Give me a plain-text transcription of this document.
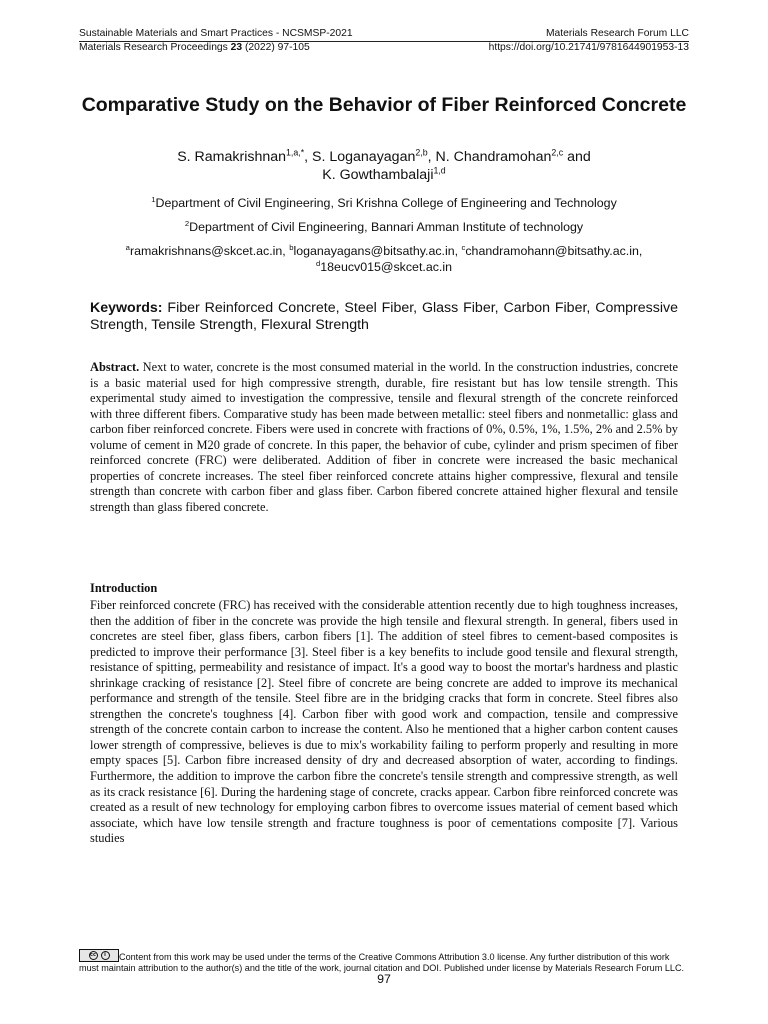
Sustainable Materials and Smart Practices - NCSMSP-2021	Materials Research Forum LLC
Materials Research Proceedings 23 (2022) 97-105	https://doi.org/10.21741/9781644901953-13
Comparative Study on the Behavior of Fiber Reinforced Concrete
S. Ramakrishnan$^{1,a,*}$, S. Loganayagan$^{2,b}$, N. Chandramohan$^{2,c}$ and
K. Gowthambalaji$^{1,d}$
$^1$Department of Civil Engineering, Sri Krishna College of Engineering and Technology
$^2$Department of Civil Engineering, Bannari Amman Institute of technology
$^a$ramakrishnans@skcet.ac.in, $^b$loganayagans@bitsathy.ac.in, $^c$chandramohann@bitsathy.ac.in,
$^d$18eucv015@skcet.ac.in
Keywords: Fiber Reinforced Concrete, Steel Fiber, Glass Fiber, Carbon Fiber, Compressive Strength, Tensile Strength, Flexural Strength
Abstract. Next to water, concrete is the most consumed material in the world. In the construction industries, concrete is a basic material used for high compressive strength, durable, fire resistant but has low tensile strength. This experimental study aimed to investigation the compressive, tensile and flexural strength of the concrete reinforced with three different fibers. Comparative study has been made between metallic: steel fibers and nonmetallic: glass and carbon fiber reinforced concrete. Fibers were used in concrete with fractions of 0%, 0.5%, 1%, 1.5%, 2% and 2.5% by volume of cement in M20 grade of concrete. In this paper, the behavior of cube, cylinder and prism specimen of fiber reinforced concrete (FRC) were deliberated. Addition of fiber in concrete were increased the basic mechanical properties of concrete increases. The steel fiber reinforced concrete attains higher compressive, flexural and tensile strength than concrete with carbon fiber and glass fiber. Carbon fibered concrete attained higher flexural and tensile strength than glass fibered concrete.
Introduction
Fiber reinforced concrete (FRC) has received with the considerable attention recently due to high toughness increases, then the addition of fiber in the concrete was provide the high tensile and flexural strength. In general, fibers used in concretes are steel fiber, glass fibers, carbon fibers [1]. The addition of steel fibres to cement-based composites is predicted to improve their performance [3]. Steel fiber is a key benefits to include good tensile and flexural strength, resistance of spitting, permeability and resistance of impact. It's a good way to boost the mortar's hardness and plastic shrinkage cracking of resistance [2]. Steel fibre of concrete are being concrete are added to improve its mechanical performance and strength of the tensile. Steel fibre are in the bridging cracks that form in concrete. Steel fibres also strengthen the concrete's toughness [4]. Carbon fiber with good work and compaction, tensile and compressive strength of the concrete contain carbon to increase the content. Also he mentioned that a higher carbon content causes lower strength of compressive, believes is due to mix's workability failing to perform properly and resulting in more empty spaces [5]. Carbon fibre increased density of dry and decreased absorption of water, according to findings. Furthermore, the addition to improve the carbon fibre the concrete's tensile strength and compressive strength, as well as its crack resistance [6]. During the hardening stage of concrete, cracks appear. Carbon fibre reinforced concrete was created as a result of new technology for employing carbon fibres to overcome issues material of cement based which associate, which have low tensile strength and fracture toughness is poor of cementations composite [7]. Various studies
cc	i	Content from this work may be used under the terms of the Creative Commons Attribution 3.0 license. Any further distribution of this work must maintain attribution to the author(s) and the title of the work, journal citation and DOI. Published under license by Materials Research Forum LLC.
97
